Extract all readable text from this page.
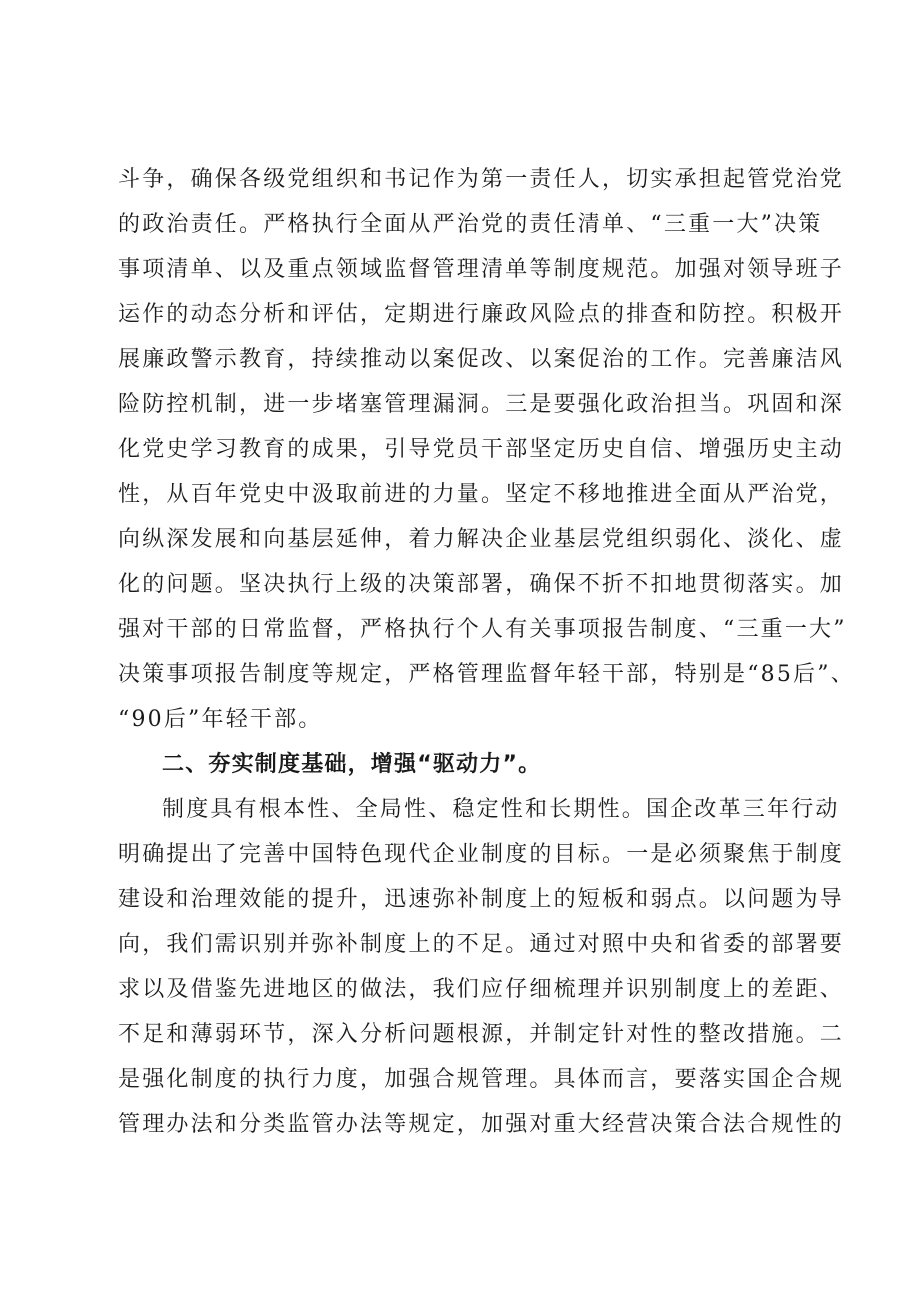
斗争，确保各级党组织和书记作为第一责任人，切实承担起管党治党
的政治责任。严格执行全面从严治党的责任清单、“三重一大”决策
事项清单、以及重点领域监督管理清单等制度规范。加强对领导班子
运作的动态分析和评估，定期进行廉政风险点的排查和防控。积极开
展廉政警示教育，持续推动以案促改、以案促治的工作。完善廉洁风
险防控机制，进一步堵塞管理漏洞。三是要强化政治担当。巩固和深
化党史学习教育的成果，引导党员干部坚定历史自信、增强历史主动
性，从百年党史中汲取前进的力量。坚定不移地推进全面从严治党，
向纵深发展和向基层延伸，着力解决企业基层党组织弱化、淡化、虚
化的问题。坚决执行上级的决策部署，确保不折不扣地贯彻落实。加
强对干部的日常监督，严格执行个人有关事项报告制度、“三重一大”
决策事项报告制度等规定，严格管理监督年轻干部，特别是“85后”、
“90后”年轻干部。
二、夯实制度基础，增强“驱动力”。
制度具有根本性、全局性、稳定性和长期性。国企改革三年行动
明确提出了完善中国特色现代企业制度的目标。一是必须聚焦于制度
建设和治理效能的提升，迅速弥补制度上的短板和弱点。以问题为导
向，我们需识别并弥补制度上的不足。通过对照中央和省委的部署要
求以及借鉴先进地区的做法，我们应仔细梳理并识别制度上的差距、
不足和薄弱环节，深入分析问题根源，并制定针对性的整改措施。二
是强化制度的执行力度，加强合规管理。具体而言，要落实国企合规
管理办法和分类监管办法等规定，加强对重大经营决策合法合规性的
